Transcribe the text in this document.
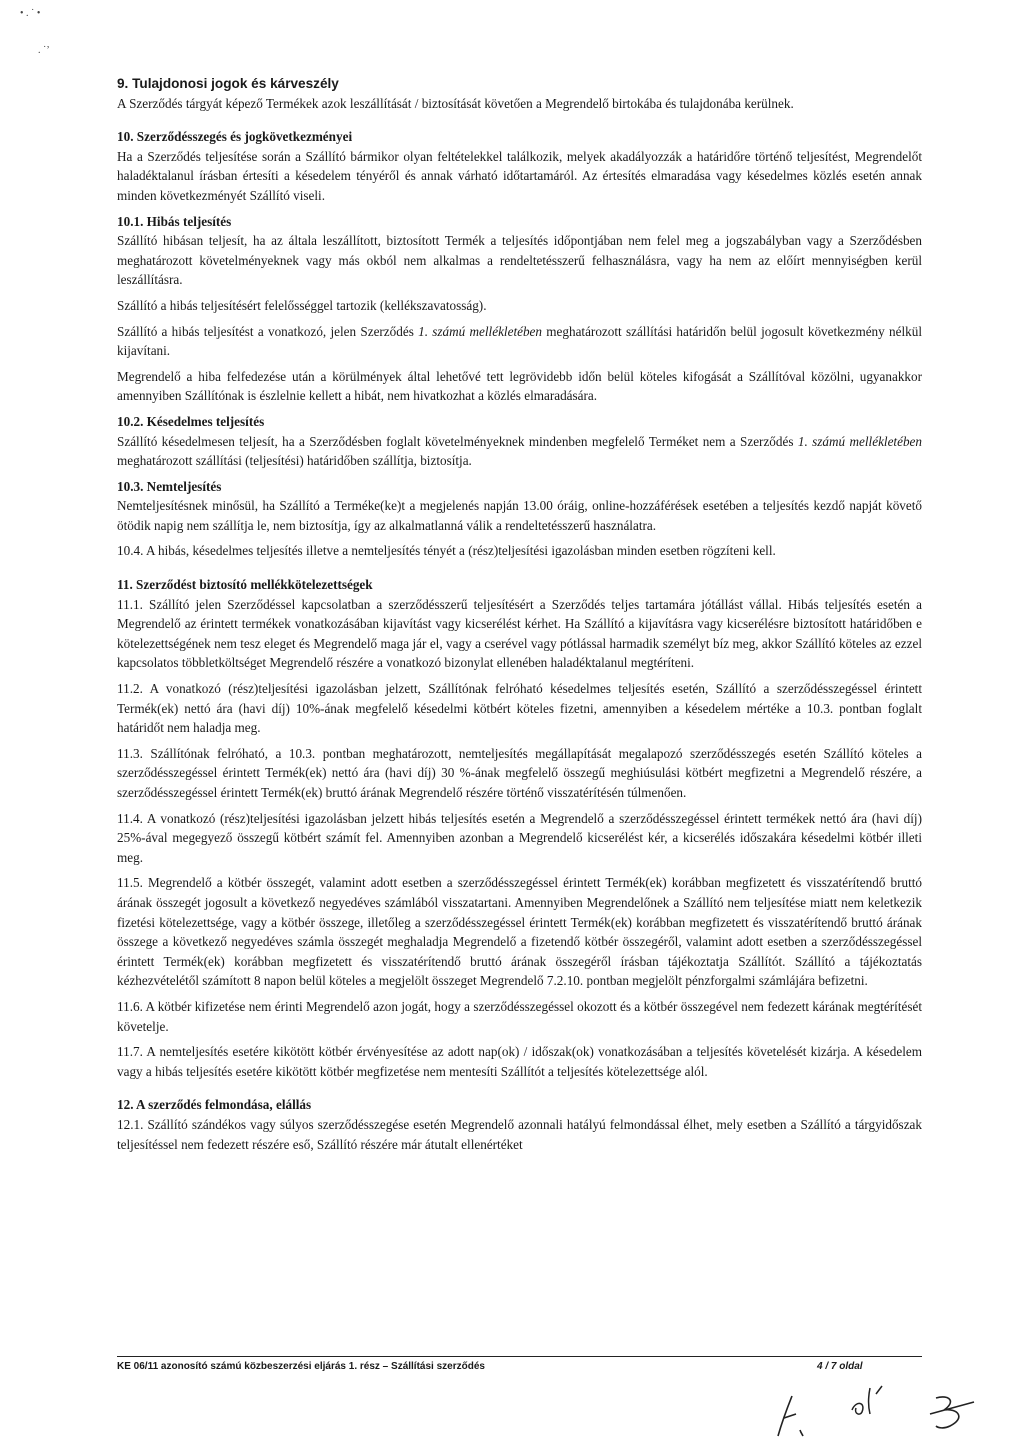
• . ˙ •
. ˙’
9. Tulajdonosi jogok és kárveszély

A Szerződés tárgyát képező Termékek azok leszállítását / biztosítását követően a Megrendelő birtokába és tulajdonába kerülnek.

10. Szerződésszegés és jogkövetkezményei

Ha a Szerződés teljesítése során a Szállító bármikor olyan feltételekkel találkozik, melyek akadályozzák a határidőre történő teljesítést, Megrendelőt haladéktalanul írásban értesíti a késedelem tényéről és annak várható időtartamáról. Az értesítés elmaradása vagy késedelmes közlés esetén annak minden következményét Szállító viseli.

10.1. Hibás teljesítés

Szállító hibásan teljesít, ha az általa leszállított, biztosított Termék a teljesítés időpontjában nem felel meg a jogszabályban vagy a Szerződésben meghatározott követelményeknek vagy más okból nem alkalmas a rendeltetésszerű felhasználásra, vagy ha nem az előírt mennyiségben kerül leszállításra.

Szállító a hibás teljesítésért felelősséggel tartozik (kellékszavatosság).

Szállító a hibás teljesítést a vonatkozó, jelen Szerződés 1. számú mellékletében meghatározott szállítási határidőn belül jogosult következmény nélkül kijavítani.

Megrendelő a hiba felfedezése után a körülmények által lehetővé tett legrövidebb időn belül köteles kifogását a Szállítóval közölni, ugyanakkor amennyiben Szállítónak is észlelnie kellett a hibát, nem hivatkozhat a közlés elmaradására.

10.2. Késedelmes teljesítés

Szállító késedelmesen teljesít, ha a Szerződésben foglalt követelményeknek mindenben megfelelő Terméket nem a Szerződés 1. számú mellékletében meghatározott szállítási (teljesítési) határidőben szállítja, biztosítja.

10.3. Nemteljesítés

Nemteljesítésnek minősül, ha Szállító a Terméke(ke)t a megjelenés napján 13.00 óráig, online-hozzáférések esetében a teljesítés kezdő napját követő ötödik napig nem szállítja le, nem biztosítja, így az alkalmatlanná válik a rendeltetésszerű használatra.

10.4. A hibás, késedelmes teljesítés illetve a nemteljesítés tényét a (rész)teljesítési igazolásban minden esetben rögzíteni kell.

11. Szerződést biztosító mellékkötelezettségek

11.1. Szállító jelen Szerződéssel kapcsolatban a szerződésszerű teljesítésért a Szerződés teljes tartamára jótállást vállal. Hibás teljesítés esetén a Megrendelő az érintett termékek vonatkozásában kijavítást vagy kicserélést kérhet. Ha Szállító a kijavításra vagy kicserélésre biztosított határidőben e kötelezettségének nem tesz eleget és Megrendelő maga jár el, vagy a cserével vagy pótlással harmadik személyt bíz meg, akkor Szállító köteles az ezzel kapcsolatos többletköltséget Megrendelő részére a vonatkozó bizonylat ellenében haladéktalanul megtéríteni.

11.2. A vonatkozó (rész)teljesítési igazolásban jelzett, Szállítónak felróható késedelmes teljesítés esetén, Szállító a szerződésszegéssel érintett Termék(ek) nettó ára (havi díj) 10%-ának megfelelő késedelmi kötbért köteles fizetni, amennyiben a késedelem mértéke a 10.3. pontban foglalt határidőt nem haladja meg.

11.3. Szállítónak felróható, a 10.3. pontban meghatározott, nemteljesítés megállapítását megalapozó szerződésszegés esetén Szállító köteles a szerződésszegéssel érintett Termék(ek) nettó ára (havi díj) 30 %-ának megfelelő összegű meghiúsulási kötbért megfizetni a Megrendelő részére, a szerződésszegéssel érintett Termék(ek) bruttó árának Megrendelő részére történő visszatérítésén túlmenően.

11.4. A vonatkozó (rész)teljesítési igazolásban jelzett hibás teljesítés esetén a Megrendelő a szerződésszegéssel érintett termékek nettó ára (havi díj) 25%-ával megegyező összegű kötbért számít fel. Amennyiben azonban a Megrendelő kicserélést kér, a kicserélés időszakára késedelmi kötbér illeti meg.

11.5. Megrendelő a kötbér összegét, valamint adott esetben a szerződésszegéssel érintett Termék(ek) korábban megfizetett és visszatérítendő bruttó árának összegét jogosult a következő negyedéves számlából visszatartani. Amennyiben Megrendelőnek a Szállító nem teljesítése miatt nem keletkezik fizetési kötelezettsége, vagy a kötbér összege, illetőleg a szerződésszegéssel érintett Termék(ek) korábban megfizetett és visszatérítendő bruttó árának összege a következő negyedéves számla összegét meghaladja Megrendelő a fizetendő kötbér összegéről, valamint adott esetben a szerződésszegéssel érintett Termék(ek) korábban megfizetett és visszatérítendő bruttó árának összegéről írásban tájékoztatja Szállítót. Szállító a tájékoztatás kézhezvételétől számított 8 napon belül köteles a megjelölt összeget Megrendelő 7.2.10. pontban megjelölt pénzforgalmi számlájára befizetni.

11.6. A kötbér kifizetése nem érinti Megrendelő azon jogát, hogy a szerződésszegéssel okozott és a kötbér összegével nem fedezett kárának megtérítését követelje.

11.7. A nemteljesítés esetére kikötött kötbér érvényesítése az adott nap(ok) / időszak(ok) vonatkozásában a teljesítés követelését kizárja. A késedelem vagy a hibás teljesítés esetére kikötött kötbér megfizetése nem mentesíti Szállítót a teljesítés kötelezettsége alól.

12. A szerződés felmondása, elállás

12.1. Szállító szándékos vagy súlyos szerződésszegése esetén Megrendelő azonnali hatályú felmondással élhet, mely esetben a Szállító a tárgyidőszak teljesítéssel nem fedezett részére eső, Szállító részére már átutalt ellenértéket

KE 06/11 azonosító számú közbeszerzési eljárás 1. rész – Szállítási szerződés	4 / 7 oldal
